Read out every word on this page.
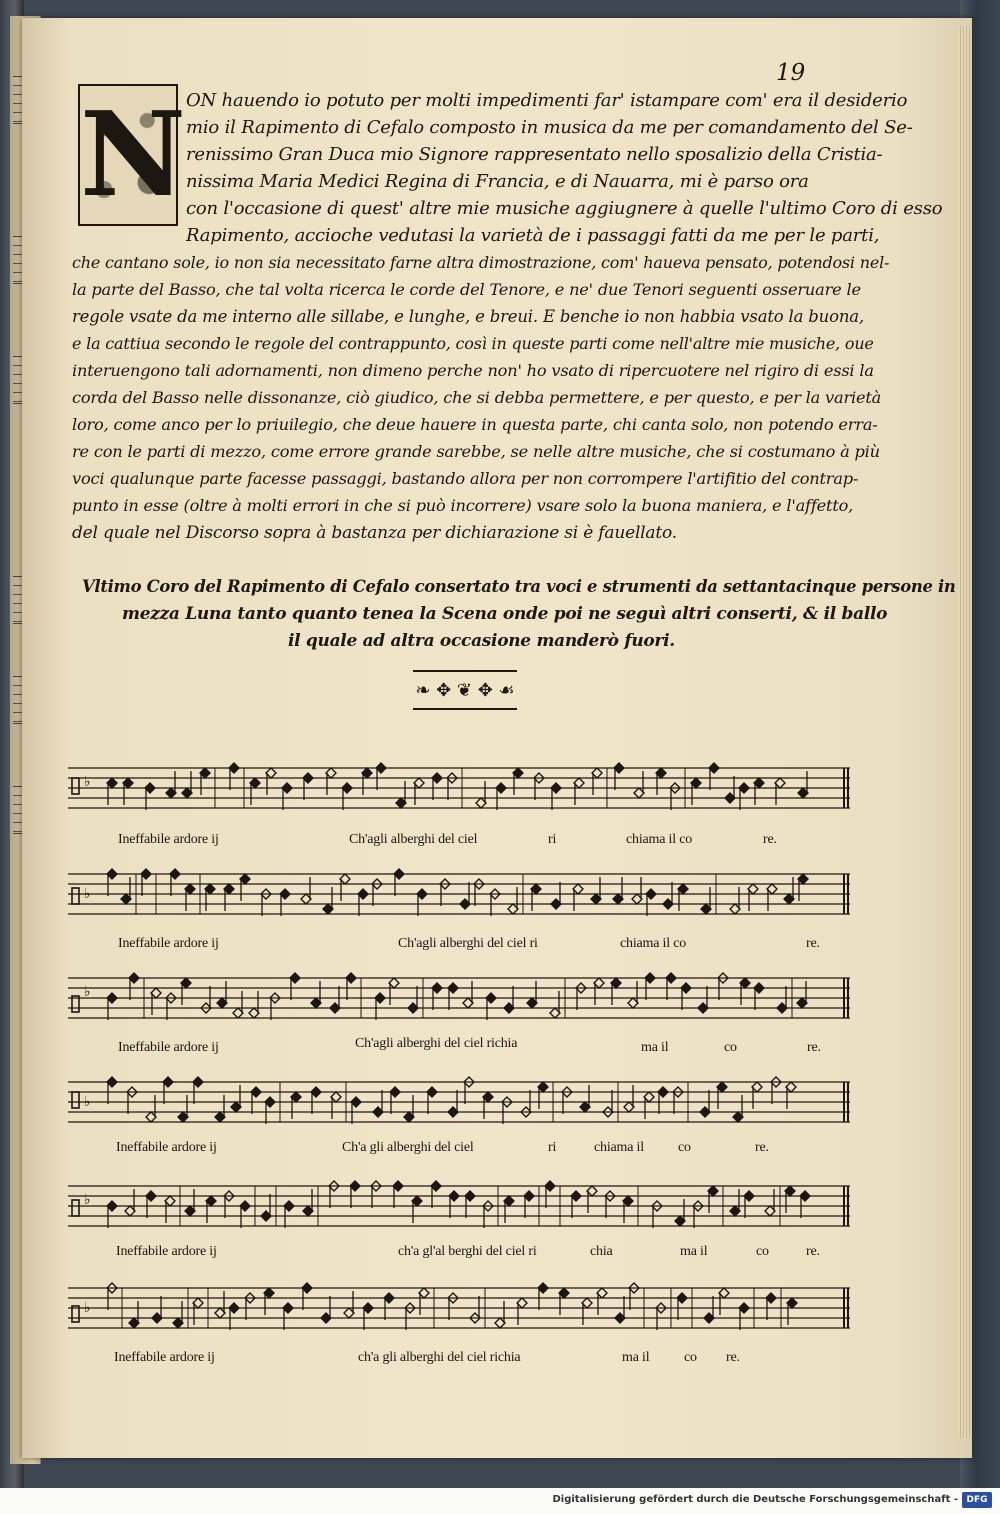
19
N ON hauendo io potuto per molti impedimenti far' istampare com' era il desiderio
mio il Rapimento di Cefalo composto in musica da me per comandamento del Se-
renissimo Gran Duca mio Signore rappresentato nello sposalizio della Cristia-
nissima Maria Medici Regina di Francia, e di Nauarra, mi è parso ora
con l'occasione di quest' altre mie musiche aggiugnere à quelle l'ultimo Coro di esso
Rapimento, accioche vedutasi la varietà de i passaggi fatti da me per le parti,
che cantano sole, io non sia necessitato farne altra dimostrazione, com' haueva pensato, potendosi nel-
la parte del Basso, che tal volta ricerca le corde del Tenore, e ne' due Tenori seguenti osseruare le
regole vsate da me interno alle sillabe, e lunghe, e breui. E benche io non habbia vsato la buona,
e la cattiua secondo le regole del contrappunto, così in queste parti come nell'altre mie musiche, oue
interuengono tali adornamenti, non dimeno perche non' ho vsato di ripercuotere nel rigiro di essi la
corda del Basso nelle dissonanze, ciò giudico, che si debba permettere, e per questo, e per la varietà
loro, come anco per lo priuilegio, che deue hauere in questa parte, chi canta solo, non potendo erra-
re con le parti di mezzo, come errore grande sarebbe, se nelle altre musiche, che si costumano à più
voci qualunque parte facesse passaggi, bastando allora per non corrompere l'artifitio del contrap-
punto in esse (oltre à molti errori in che si può incorrere) vsare solo la buona maniera, e l'affetto,
del quale nel Discorso sopra à bastanza per dichiarazione si è fauellato.
Vltimo Coro del Rapimento di Cefalo consertato tra voci e strumenti da settantacinque persone in
mezza Luna tanto quanto tenea la Scena onde poi ne seguì altri conserti, & il ballo
il quale ad altra occasione manderò fuori.
❧ ✥ ❦ ✥ ☙
♭
Ineffabile ardore ij	Ch'agli alberghi del ciel	ri	chiama il co	re.
♭
Ineffabile ardore ij	Ch'agli alberghi del ciel ri	chiama il co	re.
♭
Ineffabile ardore ij	Ch'agli alberghi del ciel richia	ma il	co	re.
♭
Ineffabile ardore ij	Ch'a gli alberghi del ciel	ri	chiama il co	re.
♭
Ineffabile ardore ij	ch'a gl'al berghi del ciel ri	chia	ma il	co	re.
♭
Ineffabile ardore ij	ch'a gli alberghi del ciel richia	ma il co re.
Digitalisierung gefördert durch die Deutsche Forschungsgemeinschaft - DFG
